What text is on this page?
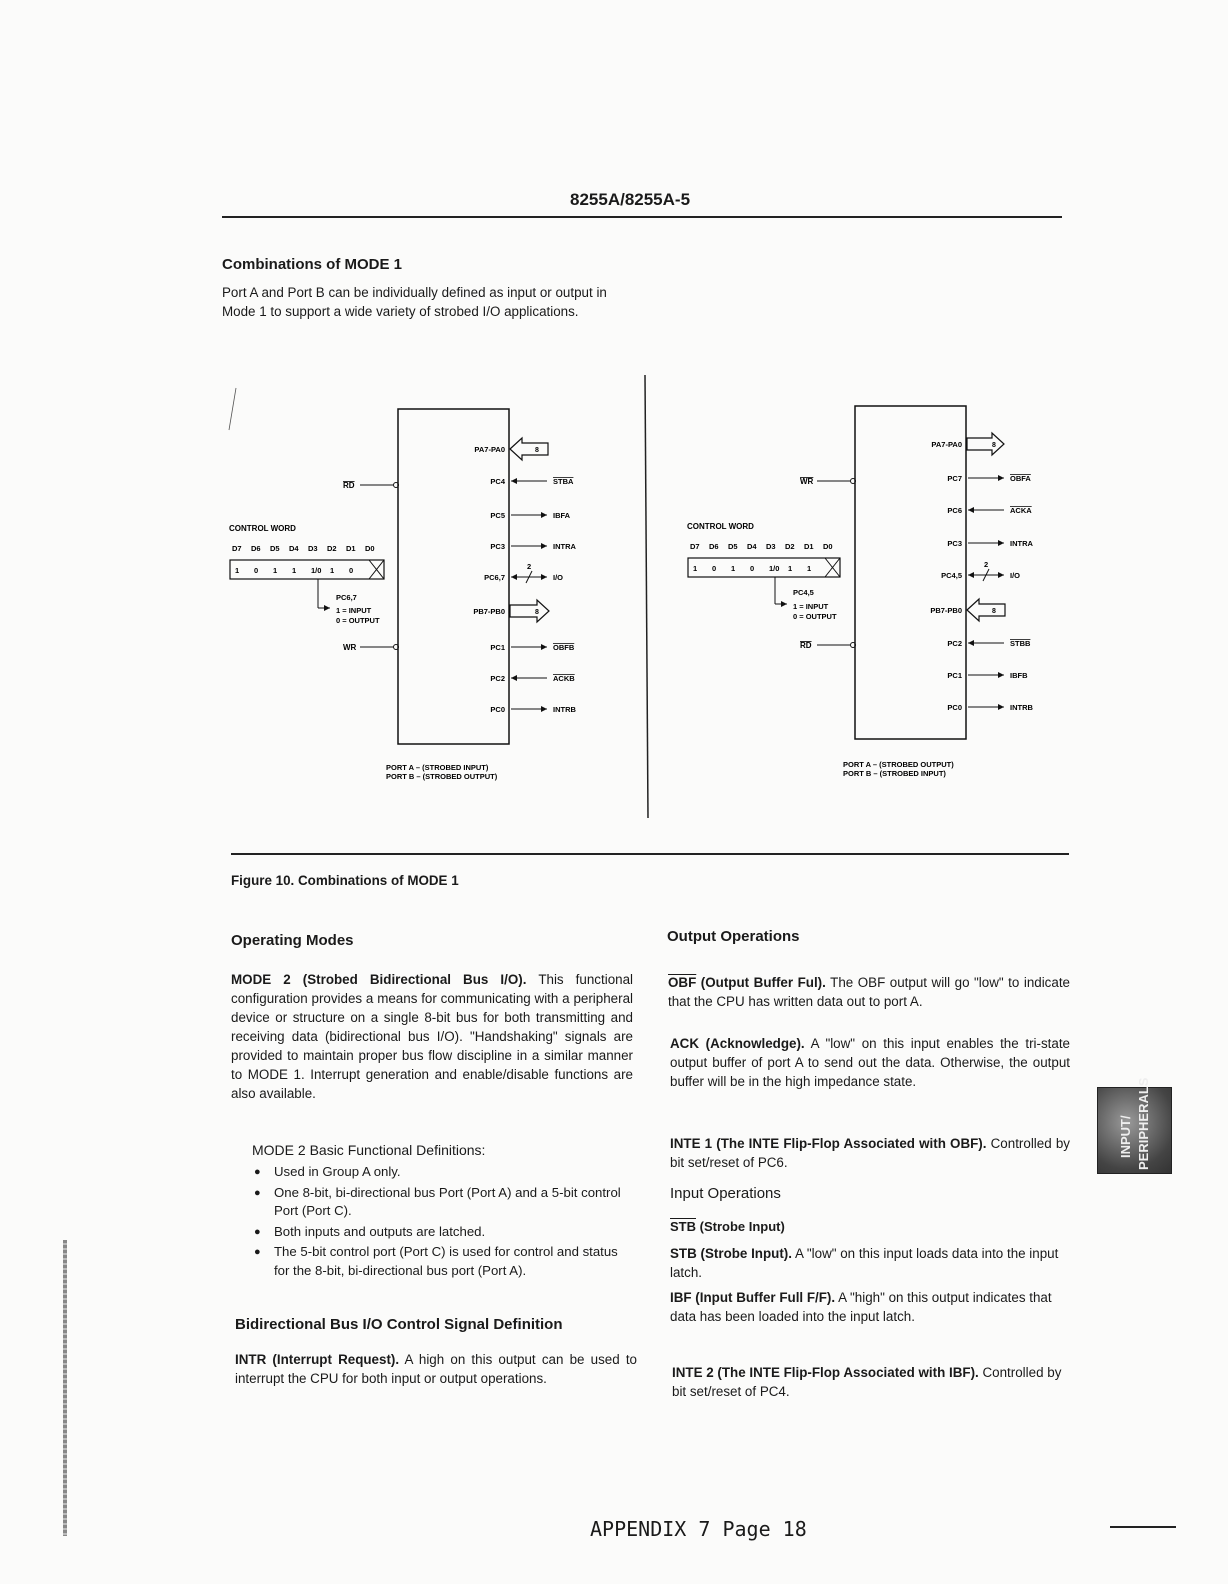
8255A/8255A-5
Combinations of MODE 1
Port A and Port B can be individually defined as input or output in Mode 1 to support a wide variety of strobed I/O applications.
CONTROL WORD
D7 D6 D5 D4 D3 D2 D1 D0
1 0 1 1 1/0 1 0
PC6,7
1 = INPUT
0 = OUTPUT
RD
WR
PA7-PA0	8
PC4	STBA
PC5	IBFA
PC3	INTRA
PC6,7
2
I/O
PB7-PB0	8
PC1	OBFB
PC2	ACKB
PC0	INTRB
PORT A – (STROBED INPUT)
PORT B – (STROBED OUTPUT)
CONTROL WORD
D7 D6 D5 D4 D3 D2 D1 D0
1 0 1 0 1/0 1 1
PC4,5
1 = INPUT
0 = OUTPUT
WR
RD
PA7-PA0	8
PC7	OBFA
PC6	ACKA
PC3	INTRA
PC4,5
2
I/O
PB7-PB0	8
PC2	STBB
PC1	IBFB
PC0	INTRB
PORT A – (STROBED OUTPUT)
PORT B – (STROBED INPUT)
Figure 10. Combinations of MODE 1
Operating Modes
MODE 2 (Strobed Bidirectional Bus I/O). This functional configuration provides a means for communicating with a peripheral device or structure on a single 8-bit bus for both transmitting and receiving data (bidirectional bus I/O). "Handshaking" signals are provided to maintain proper bus flow discipline in a similar manner to MODE 1. Interrupt generation and enable/disable functions are also available.
MODE 2 Basic Functional Definitions:
● Used in Group A only.
● One 8-bit, bi-directional bus Port (Port A) and a 5-bit control Port (Port C).
● Both inputs and outputs are latched.
● The 5-bit control port (Port C) is used for control and status for the 8-bit, bi-directional bus port (Port A).
Bidirectional Bus I/O Control Signal Definition
INTR (Interrupt Request). A high on this output can be used to interrupt the CPU for both input or output operations.
Output Operations
$\overline{OBF}$ (Output Buffer Ful). The OBF output will go "low" to indicate that the CPU has written data out to port A.
ACK (Acknowledge). A "low" on this input enables the tri-state output buffer of port A to send out the data. Otherwise, the output buffer will be in the high impedance state.
INTE 1 (The INTE Flip-Flop Associated with OBF). Controlled by bit set/reset of PC6.
Input Operations
$\overline{STB}$ (Strobe Input)
STB (Strobe Input). A "low" on this input loads data into the input latch.
IBF (Input Buffer Full F/F). A "high" on this output indicates that data has been loaded into the input latch.
INTE 2 (The INTE Flip-Flop Associated with IBF). Controlled by bit set/reset of PC4.
INPUT/ PERIPHERALS
APPENDIX 7 Page 18
